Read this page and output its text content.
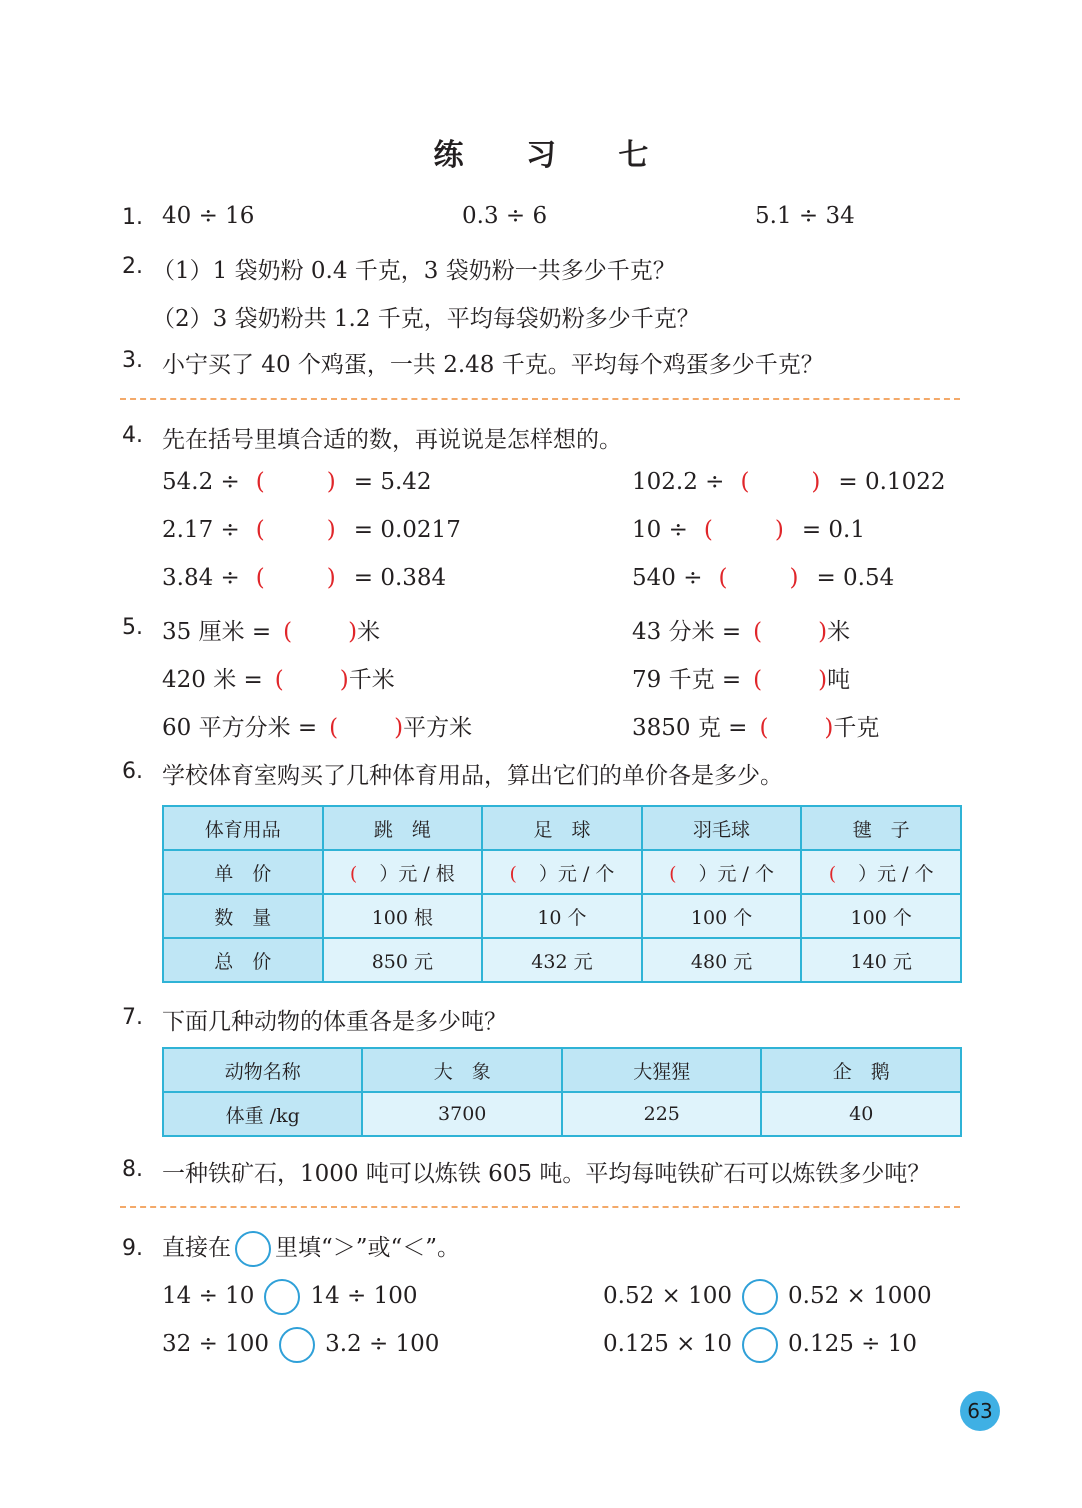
练 习 七
1. 40 ÷ 16	0.3 ÷ 6	5.1 ÷ 34
2. （1）1 袋奶粉 0.4 千克，3 袋奶粉一共多少千克？
（2）3 袋奶粉共 1.2 千克，平均每袋奶粉多少千克？
3. 小宁买了 40 个鸡蛋，一共 2.48 千克。平均每个鸡蛋多少千克？
4. 先在括号里填合适的数，再说说是怎样想的。
54.2 ÷ (	) = 5.42
2.17 ÷ (	) = 0.0217
3.84 ÷ (	) = 0.384
102.2 ÷ (	) = 0.1022
10 ÷ (	) = 0.1
540 ÷ (	) = 0.54
5. 35 厘米 = ( )米
420 米 = ( )千米
60 平方分米 = ( )平方米
43 分米 = ( )米
79 千克 = ( )吨
3850 克 = ( )千克
6. 学校体育室购买了几种体育用品，算出它们的单价各是多少。
体育用品	跳　绳	足　球	羽毛球	毽　子
单　价	( ）元 / 根	( ）元 / 个	( ）元 / 个	( ）元 / 个
数　量	100 根	10 个	100 个	100 个
总　价	850 元	432 元	480 元	140 元
7. 下面几种动物的体重各是多少吨？
动物名称	大　象	大猩猩	企　鹅
体重 /kg	3700	225	40
8. 一种铁矿石，1000 吨可以炼铁 605 吨。平均每吨铁矿石可以炼铁多少吨？
9. 直接在 里填“＞”或“＜”。
14 ÷ 10 14 ÷ 100	0.52 × 100 0.52 × 1000
32 ÷ 100 3.2 ÷ 100	0.125 × 10 0.125 ÷ 10
63
